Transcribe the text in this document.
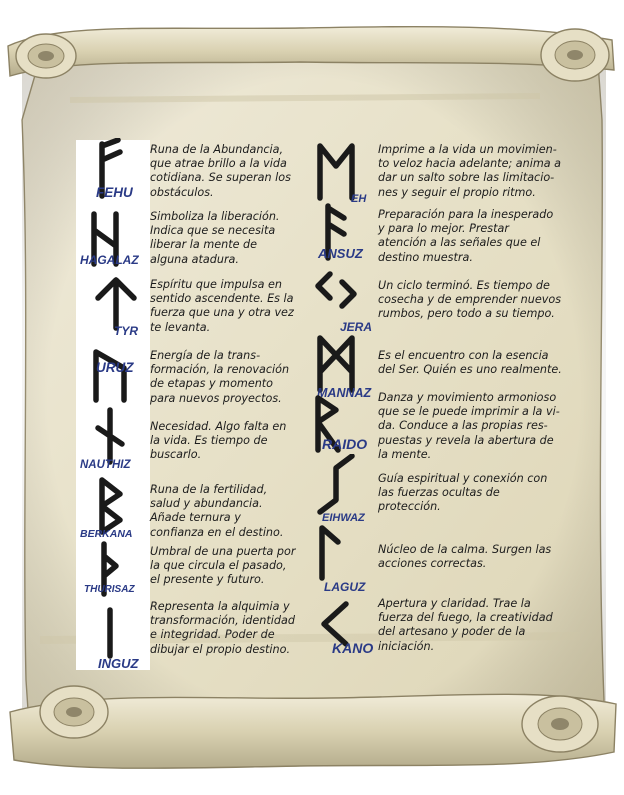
FEHU
Runa de la Abundancia,
que atrae brillo a la vida
cotidiana. Se superan los
obstáculos.
HAGALAZ
Simboliza la liberación.
Indica que se necesita
liberar la mente de
alguna atadura.
TYR
Espíritu que impulsa en
sentido ascendente. Es la
fuerza que una y otra vez
te levanta.
URUZ
Energía de la trans-
formación, la renovación
de etapas y momento
para nuevos proyectos.
NAUTHIZ
Necesidad. Algo falta en
la vida. Es tiempo de
buscarlo.
BERKANA
Runa de la fertilidad,
salud y abundancia.
Añade ternura y
confianza en el destino.
THURISAZ
Umbral de una puerta por
la que circula el pasado,
el presente y futuro.
INGUZ
Representa la alquimia y
transformación, identidad
e integridad. Poder de
dibujar el propio destino.
EH
Imprime a la vida un movimien-
to veloz hacia adelante; anima a
dar un salto sobre las limitacio-
nes y seguir el propio ritmo.
ANSUZ
Preparación para la inesperado
y para lo mejor. Prestar
atención a las señales que el
destino muestra.
JERA
Un ciclo terminó. Es tiempo de
cosecha y de emprender nuevos
rumbos, pero todo a su tiempo.
MANNAZ
Es el encuentro con la esencia
del Ser. Quién es uno realmente.
RAIDO
Danza y movimiento armonioso
que se le puede imprimir a la vi-
da. Conduce a las propias res-
puestas y revela la abertura de
la mente.
EIHWAZ
Guía espiritual y conexión con
las fuerzas ocultas de
protección.
LAGUZ
Núcleo de la calma. Surgen las
acciones correctas.
KANO
Apertura y claridad. Trae la
fuerza del fuego, la creatividad
del artesano y poder de la
iniciación.
